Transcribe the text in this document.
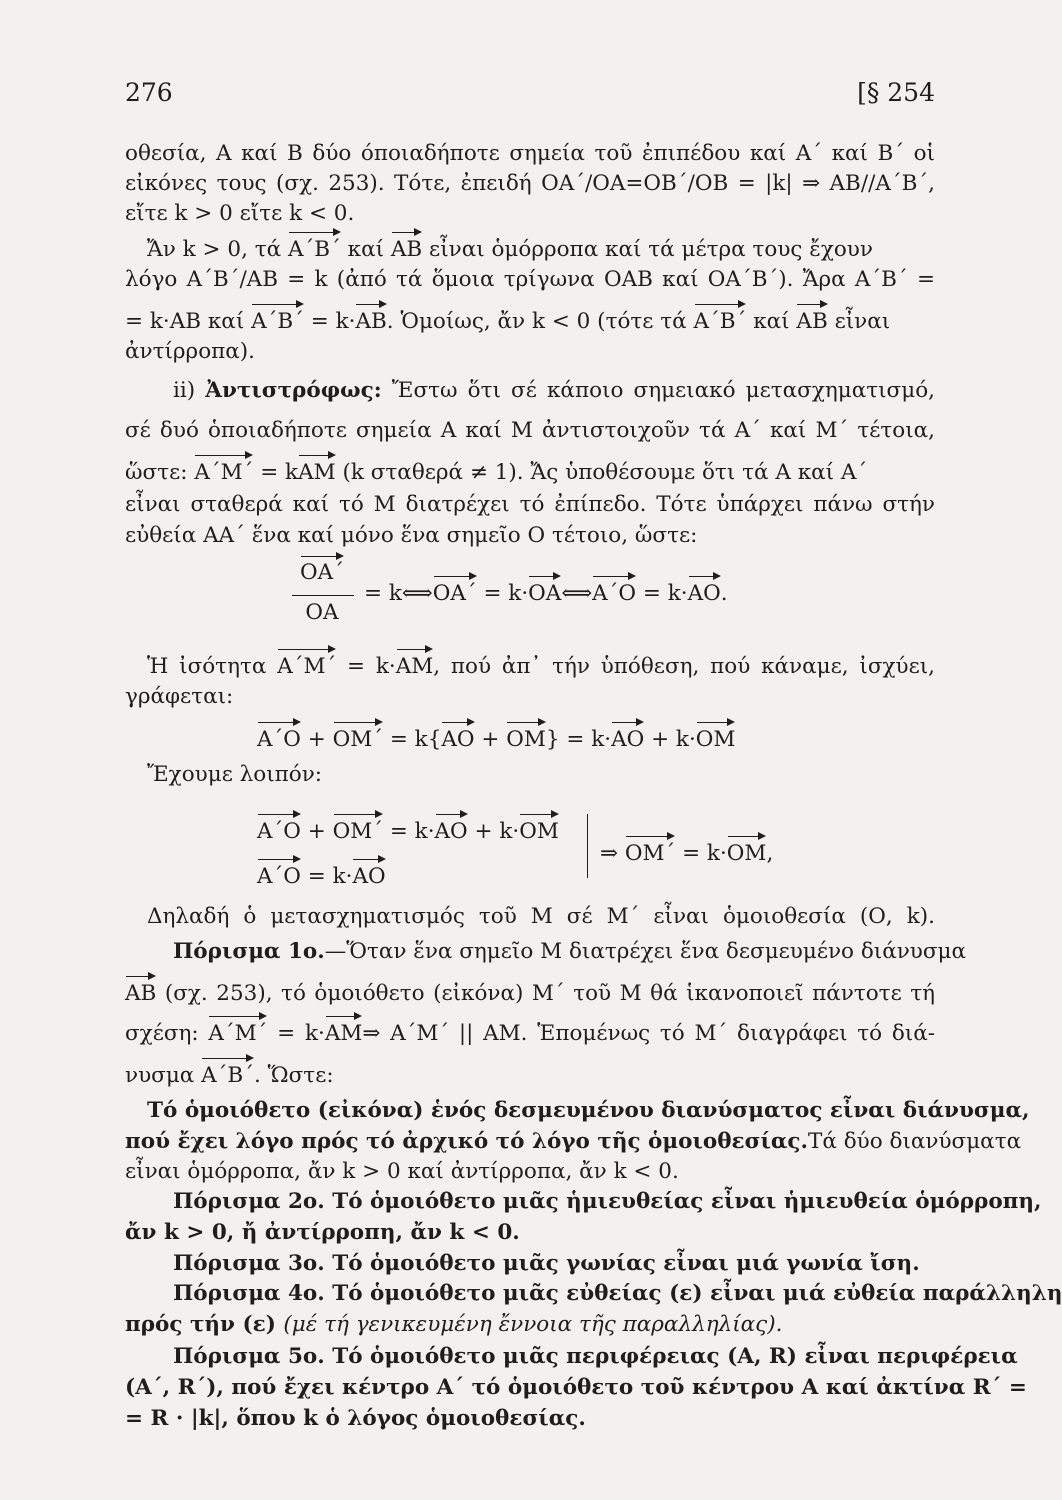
276	[§ 254
οθεσία, Α καί Β δύο όποιαδήποτε σημεία τοῦ ἐπιπέδου καί Α΄ καί Β΄ οἱ
εἰκόνες τους (σχ. 253). Τότε, ἐπειδή ΟΑ΄/ΟΑ=ΟΒ΄/ΟΒ = |k| ⇒ ΑΒ//Α΄Β΄,
εἴτε k > 0 εἴτε k < 0.
Ἄν k > 0, τά Α΄Β΄ καί ΑΒ εἶναι ὁμόρροπα καί τά μέτρα τους ἔχουν
λόγο Α΄Β΄/ΑΒ = k (ἀπό τά ὅμοια τρίγωνα ΟΑΒ καί ΟΑ΄Β΄). Ἄρα Α΄Β΄ =
= k·ΑΒ καί Α΄Β΄ = k·ΑΒ. Ὁμοίως, ἄν k < 0 (τότε τά Α΄Β΄ καί ΑΒ εἶναι
ἀντίρροπα).
ii) Ἀντιστρόφως: Ἔστω ὅτι σέ κάποιο σημειακό μετασχηματισμό,
σέ δυό ὁποιαδήποτε σημεία Α καί Μ ἀντιστοιχοῦν τά Α΄ καί Μ΄ τέτοια,
ὥστε: Α΄Μ΄ = kΑΜ (k σταθερά ≠ 1). Ἄς ὑποθέσουμε ὅτι τά Α καί Α΄
εἶναι σταθερά καί τό Μ διατρέχει τό ἐπίπεδο. Τότε ὑπάρχει πάνω στήν
εὐθεία ΑΑ΄ ἕνα καί μόνο ἕνα σημεῖο Ο τέτοιο, ὥστε:
ΟΑ΄
ΟΑ
= k⟺ΟΑ΄ = k·ΟΑ⟺Α΄Ο = k·ΑΟ.
Ἡ ἰσότητα Α΄Μ΄ = k·ΑΜ, πού ἀπ᾿ τήν ὑπόθεση, πού κάναμε, ἰσχύει,
γράφεται:
Α΄Ο + ΟΜ΄ = k{ΑΟ + ΟΜ} = k·ΑΟ + k·ΟΜ
Ἔχουμε λοιπόν:
Α΄Ο + ΟΜ΄ = k·ΑΟ + k·ΟΜ
Α΄Ο = k·ΑΟ
⇒ ΟΜ΄ = k·ΟΜ,
Δηλαδή ὁ μετασχηματισμός τοῦ Μ σέ Μ΄ εἶναι ὁμοιοθεσία (Ο, k).
Πόρισμα 1ο.—Ὅταν ἕνα σημεῖο Μ διατρέχει ἕνα δεσμευμένο διάνυσμα
ΑΒ (σχ. 253), τό ὁμοιόθετο (εἰκόνα) Μ΄ τοῦ Μ θά ἱκανοποιεῖ πάντοτε τή
σχέση: Α΄Μ΄ = k·ΑΜ⇒ Α΄Μ΄ || ΑΜ. Ἑπομένως τό Μ΄ διαγράφει τό διά-
νυσμα Α΄Β΄. Ὥστε:
Τό ὁμοιόθετο (εἰκόνα) ἑνός δεσμευμένου διανύσματος εἶναι διάνυσμα,
πού ἔχει λόγο πρός τό ἀρχικό τό λόγο τῆς ὁμοιοθεσίας.Τά δύο διανύσματα
εἶναι ὁμόρροπα, ἄν k > 0 καί ἀντίρροπα, ἄν k < 0.
Πόρισμα 2ο. Τό ὁμοιόθετο μιᾶς ἡμιευθείας εἶναι ἡμιευθεία ὁμόρροπη,
ἄν k > 0, ἤ ἀντίρροπη, ἄν k < 0.
Πόρισμα 3ο. Τό ὁμοιόθετο μιᾶς γωνίας εἶναι μιά γωνία ἴση.
Πόρισμα 4ο. Τό ὁμοιόθετο μιᾶς εὐθείας (ε) εἶναι μιά εὐθεία παράλληλη
πρός τήν (ε) (μέ τή γενικευμένη ἔννοια τῆς παραλληλίας).
Πόρισμα 5ο. Τό ὁμοιόθετο μιᾶς περιφέρειας (Α, R) εἶναι περιφέρεια
(Α΄, R΄), πού ἔχει κέντρο Α΄ τό ὁμοιόθετο τοῦ κέντρου Α καί ἀκτίνα R΄ =
= R · |k|, ὅπου k ὁ λόγος ὁμοιοθεσίας.
